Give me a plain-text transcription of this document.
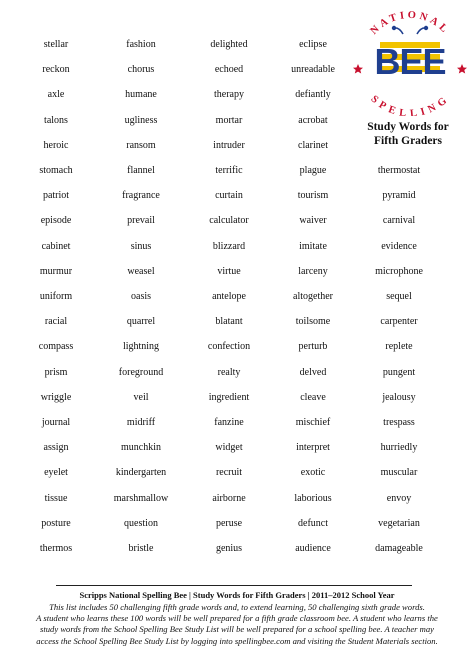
stellar
reckon
axle
talons
heroic
stomach
patriot
episode
cabinet
murmur
uniform
racial
compass
prism
wriggle
journal
assign
eyelet
tissue
posture
thermos
fashion
chorus
humane
ugliness
ransom
flannel
fragrance
prevail
sinus
weasel
oasis
quarrel
lightning
foreground
veil
midriff
munchkin
kindergarten
marshmallow
question
bristle
delighted
echoed
therapy
mortar
intruder
terrific
curtain
calculator
blizzard
virtue
antelope
blatant
confection
realty
ingredient
fanzine
widget
recruit
airborne
peruse
genius
eclipse
unreadable
defiantly
acrobat
clarinet
plague
tourism
waiver
imitate
larceny
altogether
toilsome
perturb
delved
cleave
mischief
interpret
exotic
laborious
defunct
audience
thermostat
pyramid
carnival
evidence
microphone
sequel
carpenter
replete
pungent
jealousy
trespass
hurriedly
muscular
envoy
vegetarian
damageable
NATIONAL
SPELLING
BEE
Study Words for
Fifth Graders
Scripps National Spelling Bee | Study Words for Fifth Graders | 2011–2012 School Year
This list includes 50 challenging fifth grade words and, to extend learning, 50 challenging sixth grade words.
A student who learns these 100 words will be well prepared for a fifth grade classroom bee. A student who learns the
study words from the School Spelling Bee Study List will be well prepared for a school spelling bee. A teacher may
access the School Spelling Bee Study List by logging into spellingbee.com and visiting the Student Materials section.
